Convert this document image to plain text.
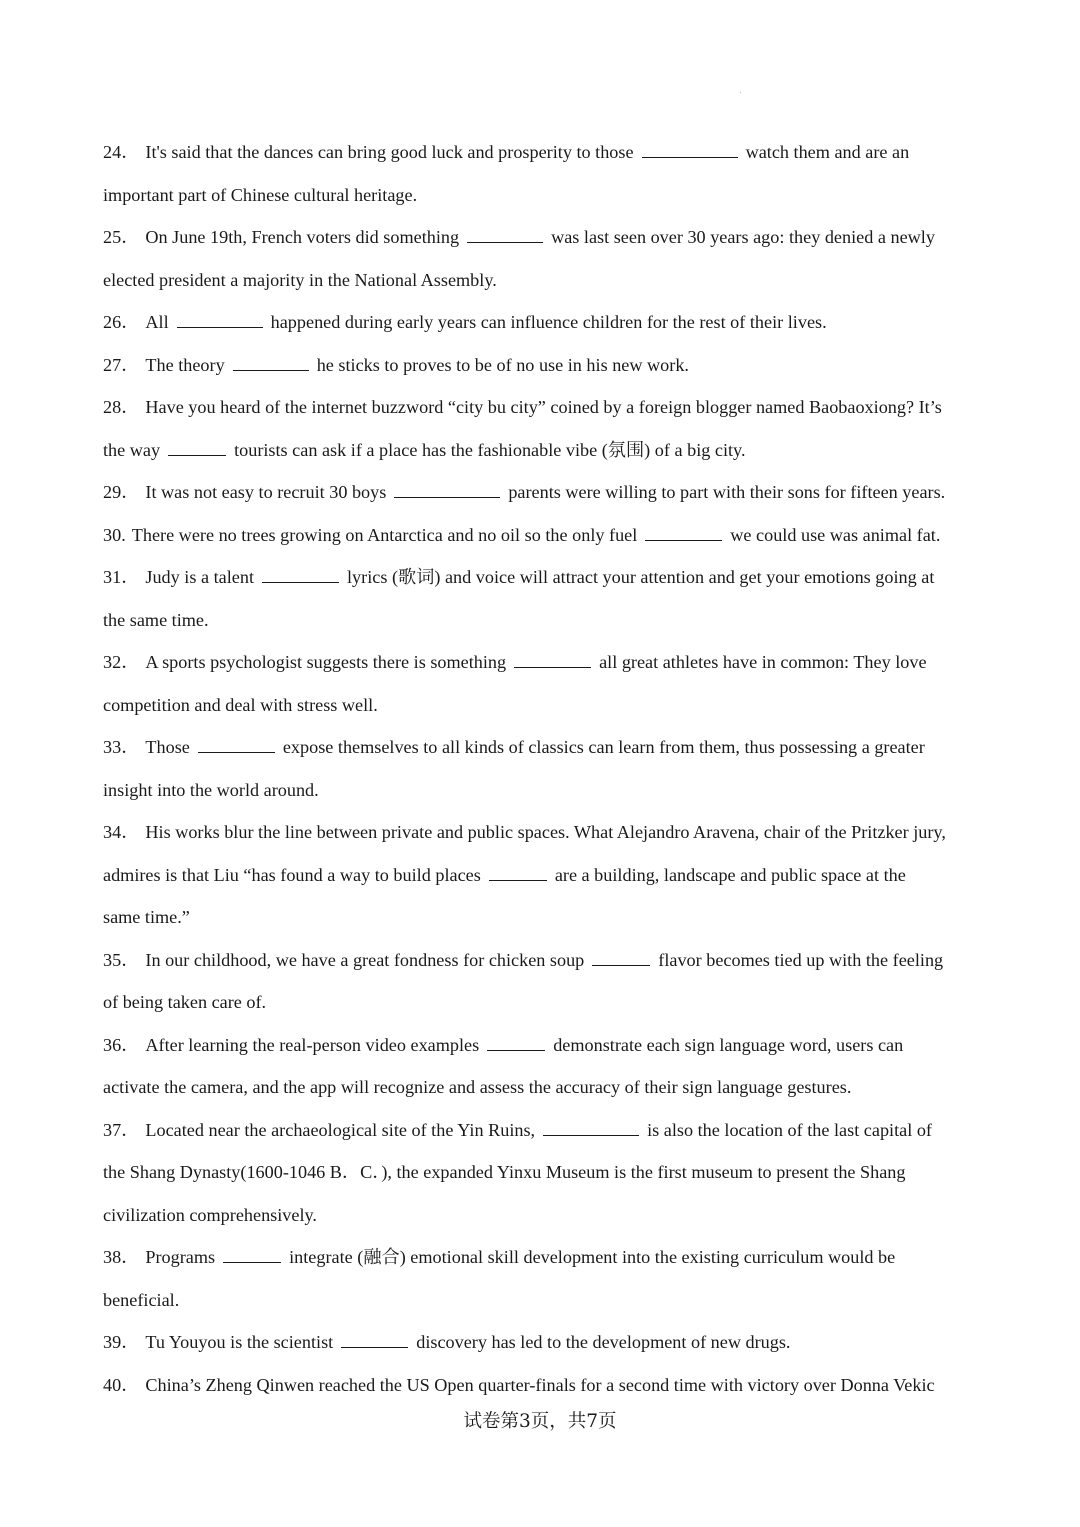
24． It's said that the dances can bring good luck and prosperity to those	watch them and are an
important part of Chinese cultural heritage.
25． On June 19th, French voters did something	was last seen over 30 years ago: they denied a newly
elected president a majority in the National Assembly.
26． All	happened during early years can influence children for the rest of their lives.
27． The theory	he sticks to proves to be of no use in his new work.
28． Have you heard of the internet buzzword “city bu city” coined by a foreign blogger named Baobaoxiong? It’s
the way	tourists can ask if a place has the fashionable vibe (氛围) of a big city.
29． It was not easy to recruit 30 boys	parents were willing to part with their sons for fifteen years.
30. There were no trees growing on Antarctica and no oil so the only fuel	we could use was animal fat.
31． Judy is a talent	lyrics (歌词) and voice will attract your attention and get your emotions going at
the same time.
32． A sports psychologist suggests there is something	all great athletes have in common: They love
competition and deal with stress well.
33． Those	expose themselves to all kinds of classics can learn from them, thus possessing a greater
insight into the world around.
34． His works blur the line between private and public spaces. What Alejandro Aravena, chair of the Pritzker jury,
admires is that Liu “has found a way to build places	are a building, landscape and public space at the
same time.”
35． In our childhood, we have a great fondness for chicken soup	flavor becomes tied up with the feeling
of being taken care of.
36． After learning the real-person video examples	demonstrate each sign language word, users can
activate the camera, and the app will recognize and assess the accuracy of their sign language gestures.
37． Located near the archaeological site of the Yin Ruins,	is also the location of the last capital of
the Shang Dynasty(1600-1046 B．C．), the expanded Yinxu Museum is the first museum to present the Shang
civilization comprehensively.
38． Programs	integrate (融合) emotional skill development into the existing curriculum would be
beneficial.
39． Tu Youyou is the scientist	discovery has led to the development of new drugs.
40． China’s Zheng Qinwen reached the US Open quarter-finals for a second time with victory over Donna Vekic
试卷第3页，共7页
